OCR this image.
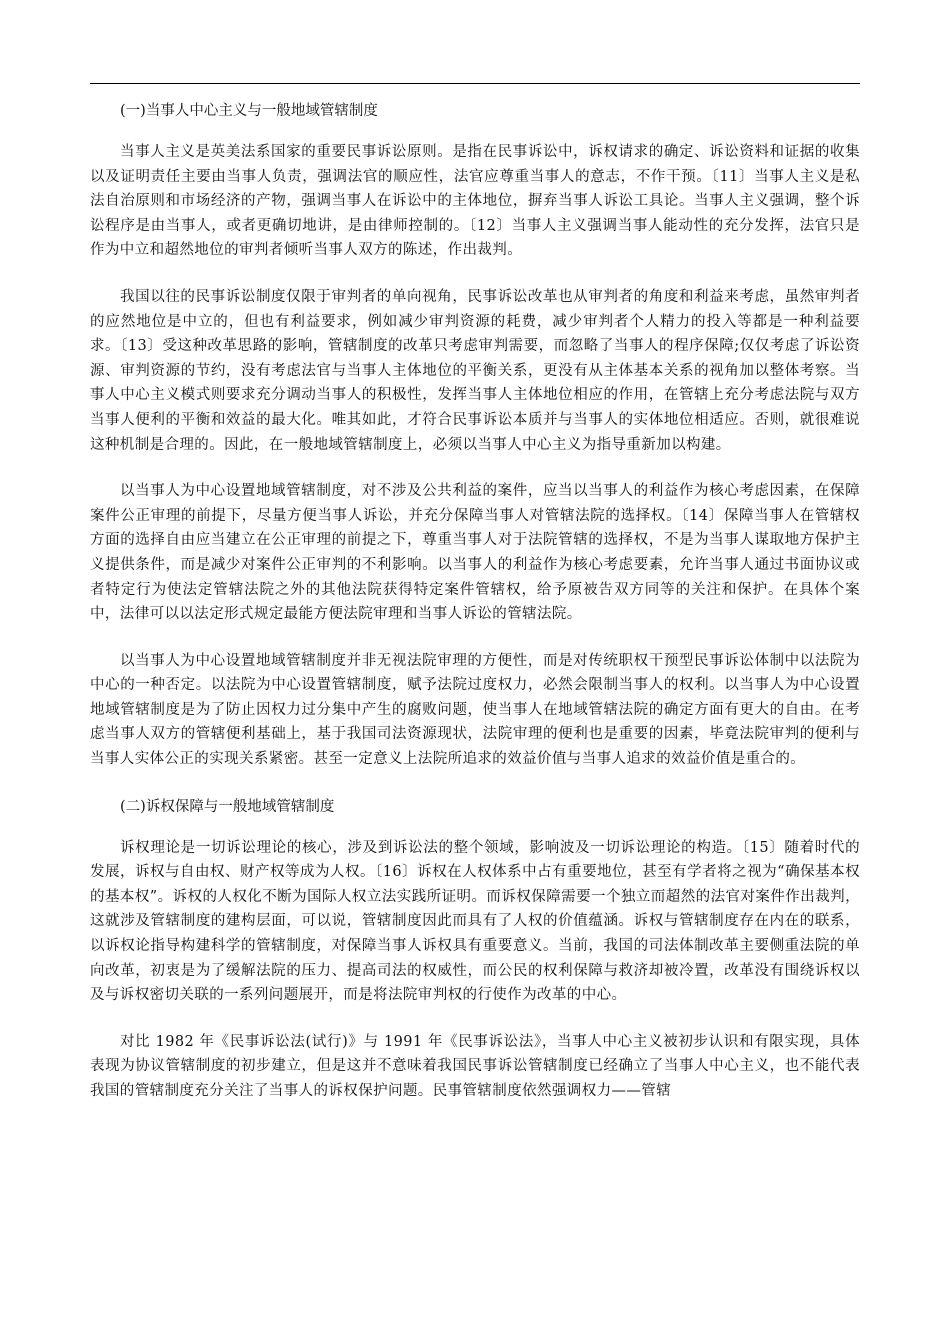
(一)当事人中心主义与一般地域管辖制度

当事人主义是英美法系国家的重要民事诉讼原则。是指在民事诉讼中，诉权请求的确定、诉讼资料和证据的收集以及证明责任主要由当事人负责，强调法官的顺应性，法官应尊重当事人的意志，不作干预。〔11〕当事人主义是私法自治原则和市场经济的产物，强调当事人在诉讼中的主体地位，摒弃当事人诉讼工具论。当事人主义强调，整个诉讼程序是由当事人，或者更确切地讲，是由律师控制的。〔12〕当事人主义强调当事人能动性的充分发挥，法官只是作为中立和超然地位的审判者倾听当事人双方的陈述，作出裁判。

我国以往的民事诉讼制度仅限于审判者的单向视角，民事诉讼改革也从审判者的角度和利益来考虑，虽然审判者的应然地位是中立的，但也有利益要求，例如减少审判资源的耗费，减少审判者个人精力的投入等都是一种利益要求。〔13〕受这种改革思路的影响，管辖制度的改革只考虑审判需要，而忽略了当事人的程序保障;仅仅考虑了诉讼资源、审判资源的节约，没有考虑法官与当事人主体地位的平衡关系，更没有从主体基本关系的视角加以整体考察。当事人中心主义模式则要求充分调动当事人的积极性，发挥当事人主体地位相应的作用，在管辖上充分考虑法院与双方当事人便利的平衡和效益的最大化。唯其如此，才符合民事诉讼本质并与当事人的实体地位相适应。否则，就很难说这种机制是合理的。因此，在一般地域管辖制度上，必须以当事人中心主义为指导重新加以构建。

以当事人为中心设置地域管辖制度，对不涉及公共利益的案件，应当以当事人的利益作为核心考虑因素，在保障案件公正审理的前提下，尽量方便当事人诉讼，并充分保障当事人对管辖法院的选择权。〔14〕保障当事人在管辖权方面的选择自由应当建立在公正审理的前提之下，尊重当事人对于法院管辖的选择权，不是为当事人谋取地方保护主义提供条件，而是减少对案件公正审判的不利影响。以当事人的利益作为核心考虑要素，允许当事人通过书面协议或者特定行为使法定管辖法院之外的其他法院获得特定案件管辖权，给予原被告双方同等的关注和保护。在具体个案中，法律可以以法定形式规定最能方便法院审理和当事人诉讼的管辖法院。

以当事人为中心设置地域管辖制度并非无视法院审理的方便性，而是对传统职权干预型民事诉讼体制中以法院为中心的一种否定。以法院为中心设置管辖制度，赋予法院过度权力，必然会限制当事人的权利。以当事人为中心设置地域管辖制度是为了防止因权力过分集中产生的腐败问题，使当事人在地域管辖法院的确定方面有更大的自由。在考虑当事人双方的管辖便利基础上，基于我国司法资源现状，法院审理的便利也是重要的因素，毕竟法院审判的便利与当事人实体公正的实现关系紧密。甚至一定意义上法院所追求的效益价值与当事人追求的效益价值是重合的。

(二)诉权保障与一般地域管辖制度

诉权理论是一切诉讼理论的核心，涉及到诉讼法的整个领域，影响波及一切诉讼理论的构造。〔15〕随着时代的发展，诉权与自由权、财产权等成为人权。〔16〕诉权在人权体系中占有重要地位，甚至有学者将之视为“确保基本权的基本权”。诉权的人权化不断为国际人权立法实践所证明。而诉权保障需要一个独立而超然的法官对案件作出裁判，这就涉及管辖制度的建构层面，可以说，管辖制度因此而具有了人权的价值蕴涵。诉权与管辖制度存在内在的联系，以诉权论指导构建科学的管辖制度，对保障当事人诉权具有重要意义。当前，我国的司法体制改革主要侧重法院的单向改革，初衷是为了缓解法院的压力、提高司法的权威性，而公民的权利保障与救济却被冷置，改革没有围绕诉权以及与诉权密切关联的一系列问题展开，而是将法院审判权的行使作为改革的中心。

对比 1982 年《民事诉讼法(试行)》与 1991 年《民事诉讼法》，当事人中心主义被初步认识和有限实现，具体表现为协议管辖制度的初步建立，但是这并不意味着我国民事诉讼管辖制度已经确立了当事人中心主义，也不能代表我国的管辖制度充分关注了当事人的诉权保护问题。民事管辖制度依然强调权力——管辖
